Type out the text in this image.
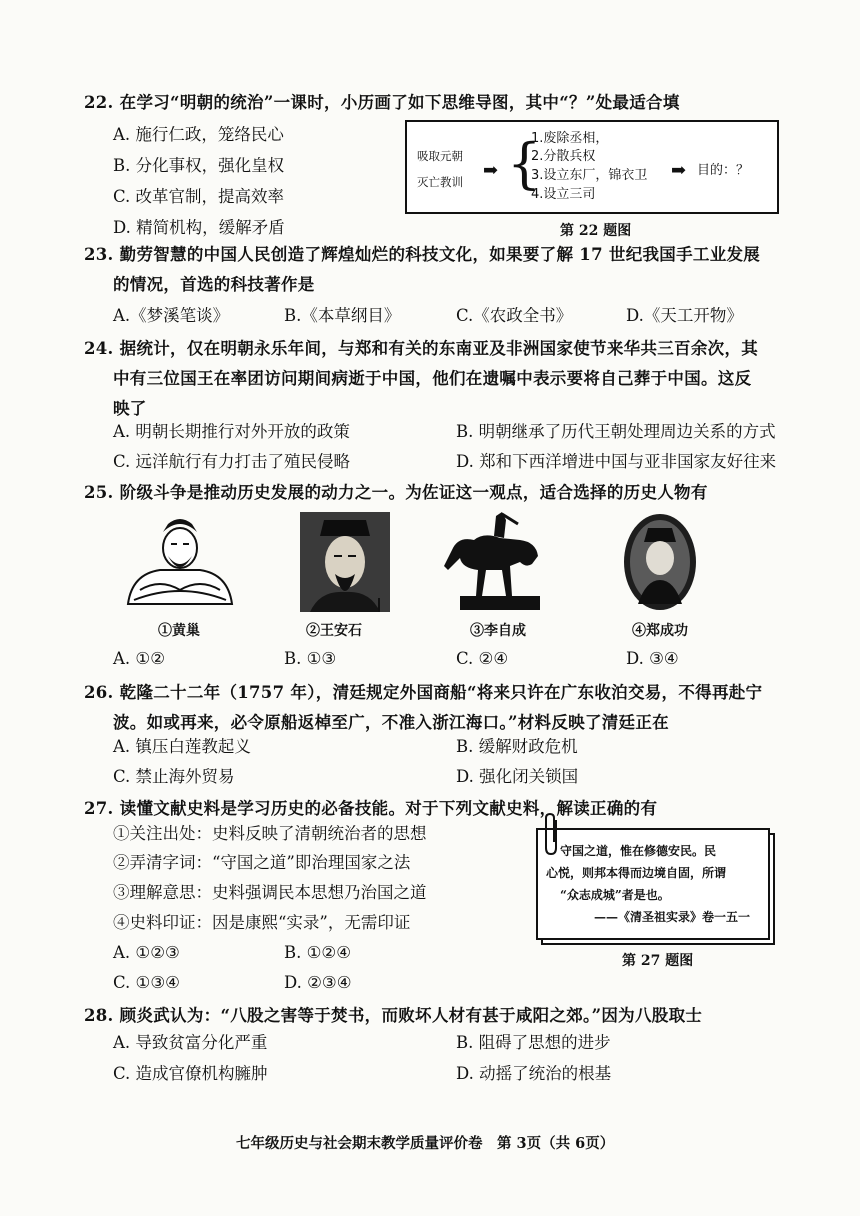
22. 在学习“明朝的统治”一课时，小历画了如下思维导图，其中“？”处最适合填
A. 施行仁政，笼络民心
B. 分化事权，强化皇权
C. 改革官制，提高效率
D. 精简机构，缓解矛盾
吸取元朝
灭亡教训
➡ {
1.废除丞相，
2.分散兵权
3.设立东厂，锦衣卫
4.设立三司
➡ 目的：？
第 22 题图
23. 勤劳智慧的中国人民创造了辉煌灿烂的科技文化，如果要了解 17 世纪我国手工业发展
的情况，首选的科技著作是
A.《梦溪笔谈》	B.《本草纲目》	C.《农政全书》	D.《天工开物》
24. 据统计，仅在明朝永乐年间，与郑和有关的东南亚及非洲国家使节来华共三百余次，其
中有三位国王在率团访问期间病逝于中国，他们在遗嘱中表示要将自己葬于中国。这反
映了
A. 明朝长期推行对外开放的政策	B. 明朝继承了历代王朝处理周边关系的方式
C. 远洋航行有力打击了殖民侵略	D. 郑和下西洋增进中国与亚非国家友好往来
25. 阶级斗争是推动历史发展的动力之一。为佐证这一观点，适合选择的历史人物有
①黄巢	②王安石	③李自成	④郑成功
A. ①②	B. ①③	C. ②④	D. ③④
26. 乾隆二十二年（1757 年），清廷规定外国商船“将来只许在广东收泊交易，不得再赴宁
波。如或再来，必令原船返棹至广，不准入浙江海口。”材料反映了清廷正在
A. 镇压白莲教起义	B. 缓解财政危机
C. 禁止海外贸易	D. 强化闭关锁国
27. 读懂文献史料是学习历史的必备技能。对于下列文献史料，解读正确的有
①关注出处：史料反映了清朝统治者的思想
②弄清字词：“守国之道”即治理国家之法
③理解意思：史料强调民本思想乃治国之道
④史料印证：因是康熙“实录”，无需印证
A. ①②③	B. ①②④
C. ①③④	D. ②③④
守国之道，惟在修德安民。民
心悦，则邦本得而边境自固，所谓
“众志成城”者是也。
——《清圣祖实录》卷一五一
第 27 题图
28. 顾炎武认为：“八股之害等于焚书，而败坏人材有甚于咸阳之郊。”因为八股取士
A. 导致贫富分化严重	B. 阻碍了思想的进步
C. 造成官僚机构臃肿	D. 动摇了统治的根基
七年级历史与社会期末教学质量评价卷　第 3页（共 6页）
